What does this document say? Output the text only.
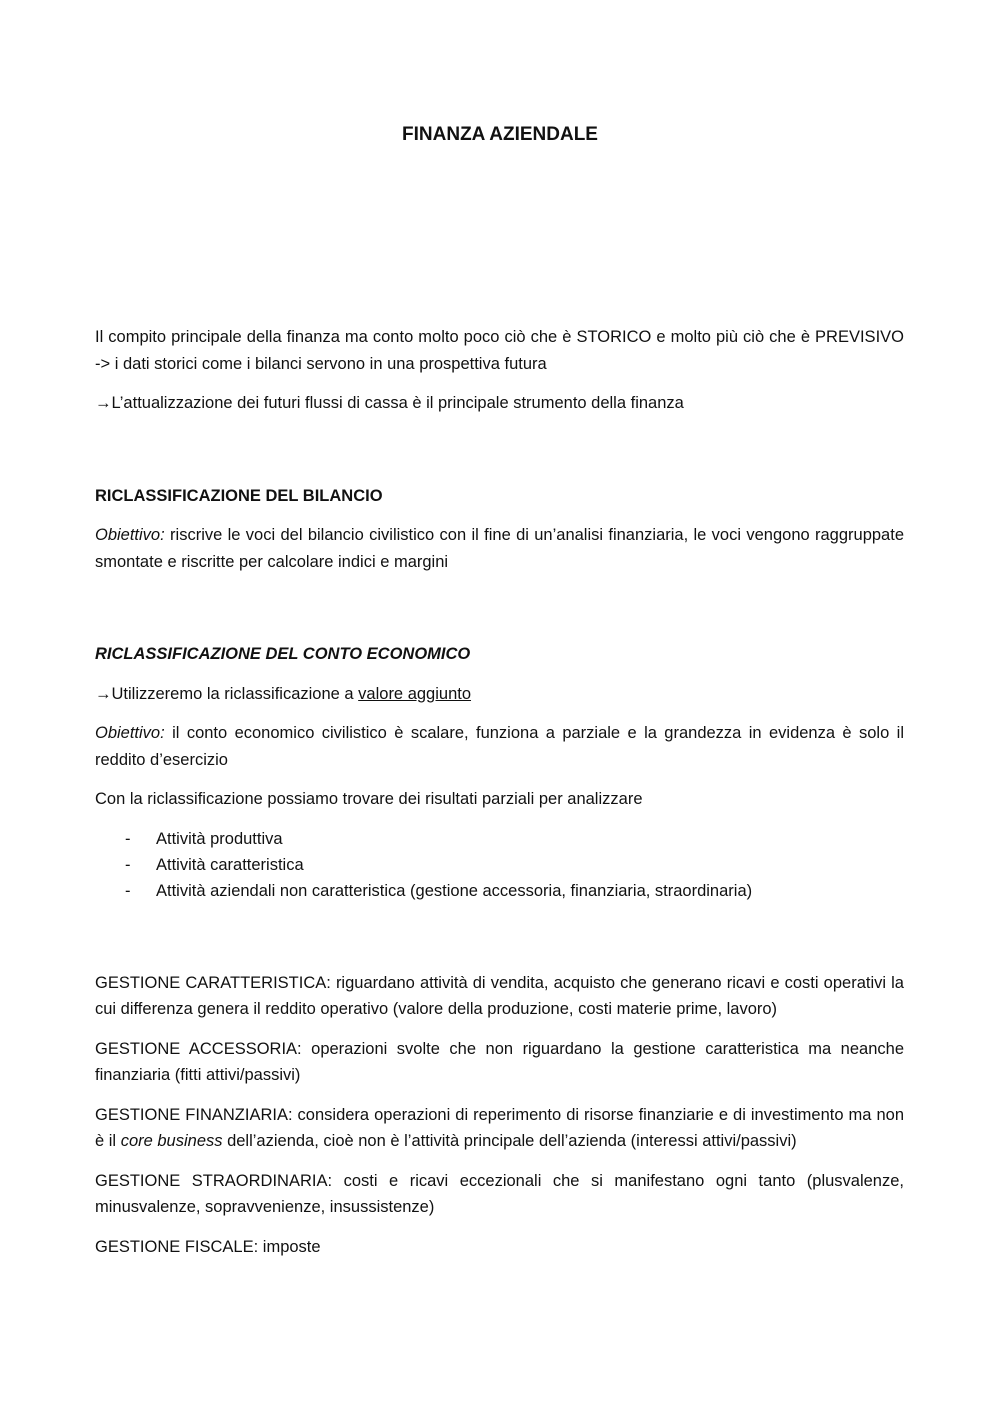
FINANZA AZIENDALE

Il compito principale della finanza ma conto molto poco ciò che è STORICO e molto più ciò che è PREVISIVO -> i dati storici come i bilanci servono in una prospettiva futura

→L’attualizzazione dei futuri flussi di cassa è il principale strumento della finanza

RICLASSIFICAZIONE DEL BILANCIO

Obiettivo: riscrive le voci del bilancio civilistico con il fine di un’analisi finanziaria, le voci vengono raggruppate smontate e riscritte per calcolare indici e margini

RICLASSIFICAZIONE DEL CONTO ECONOMICO

→Utilizzeremo la riclassificazione a valore aggiunto

Obiettivo: il conto economico civilistico è scalare, funziona a parziale e la grandezza in evidenza è solo il reddito d’esercizio

Con la riclassificazione possiamo trovare dei risultati parziali per analizzare

- Attività produttiva
- Attività caratteristica
- Attività aziendali non caratteristica (gestione accessoria, finanziaria, straordinaria)

GESTIONE CARATTERISTICA: riguardano attività di vendita, acquisto che generano ricavi e costi operativi la cui differenza genera il reddito operativo (valore della produzione, costi materie prime, lavoro)

GESTIONE ACCESSORIA: operazioni svolte che non riguardano la gestione caratteristica ma neanche finanziaria (fitti attivi/passivi)

GESTIONE FINANZIARIA: considera operazioni di reperimento di risorse finanziarie e di investimento ma non è il core business dell’azienda, cioè non è l’attività principale dell’azienda (interessi attivi/passivi)

GESTIONE STRAORDINARIA: costi e ricavi eccezionali che si manifestano ogni tanto (plusvalenze, minusvalenze, sopravvenienze, insussistenze)

GESTIONE FISCALE: imposte
